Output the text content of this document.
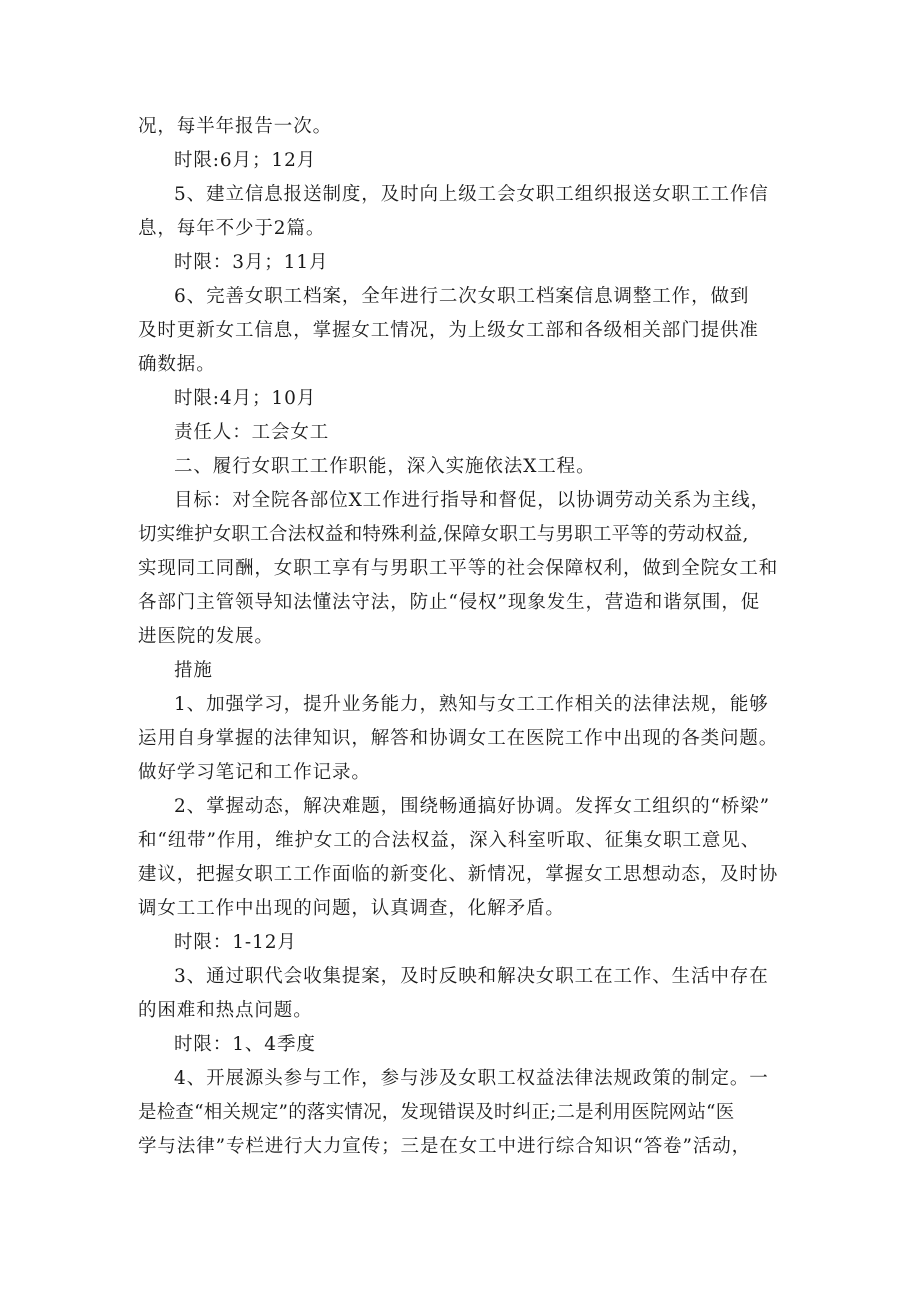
况，每半年报告一次。

时限:6月；12月

5、建立信息报送制度，及时向上级工会女职工组织报送女职工工作信

息，每年不少于2篇。

时限：3月；11月

6、完善女职工档案，全年进行二次女职工档案信息调整工作，做到

及时更新女工信息，掌握女工情况，为上级女工部和各级相关部门提供准

确数据。

时限:4月；10月

责任人：工会女工

二、履行女职工工作职能，深入实施依法X工程。

目标：对全院各部位X工作进行指导和督促，以协调劳动关系为主线，

切实维护女职工合法权益和特殊利益,保障女职工与男职工平等的劳动权益,

实现同工同酬，女职工享有与男职工平等的社会保障权利，做到全院女工和

各部门主管领导知法懂法守法，防止“侵权”现象发生，营造和谐氛围，促

进医院的发展。

措施

1、加强学习，提升业务能力，熟知与女工工作相关的法律法规，能够

运用自身掌握的法律知识，解答和协调女工在医院工作中出现的各类问题。

做好学习笔记和工作记录。

2、掌握动态，解决难题，围绕畅通搞好协调。发挥女工组织的“桥梁”

和“纽带”作用，维护女工的合法权益，深入科室听取、征集女职工意见、

建议，把握女职工工作面临的新变化、新情况，掌握女工思想动态，及时协

调女工工作中出现的问题，认真调查，化解矛盾。

时限：1-12月

3、通过职代会收集提案，及时反映和解决女职工在工作、生活中存在

的困难和热点问题。

时限：1、4季度

4、开展源头参与工作，参与涉及女职工权益法律法规政策的制定。一

是检查“相关规定”的落实情况，发现错误及时纠正;二是利用医院网站“医

学与法律”专栏进行大力宣传；三是在女工中进行综合知识“答卷”活动，
